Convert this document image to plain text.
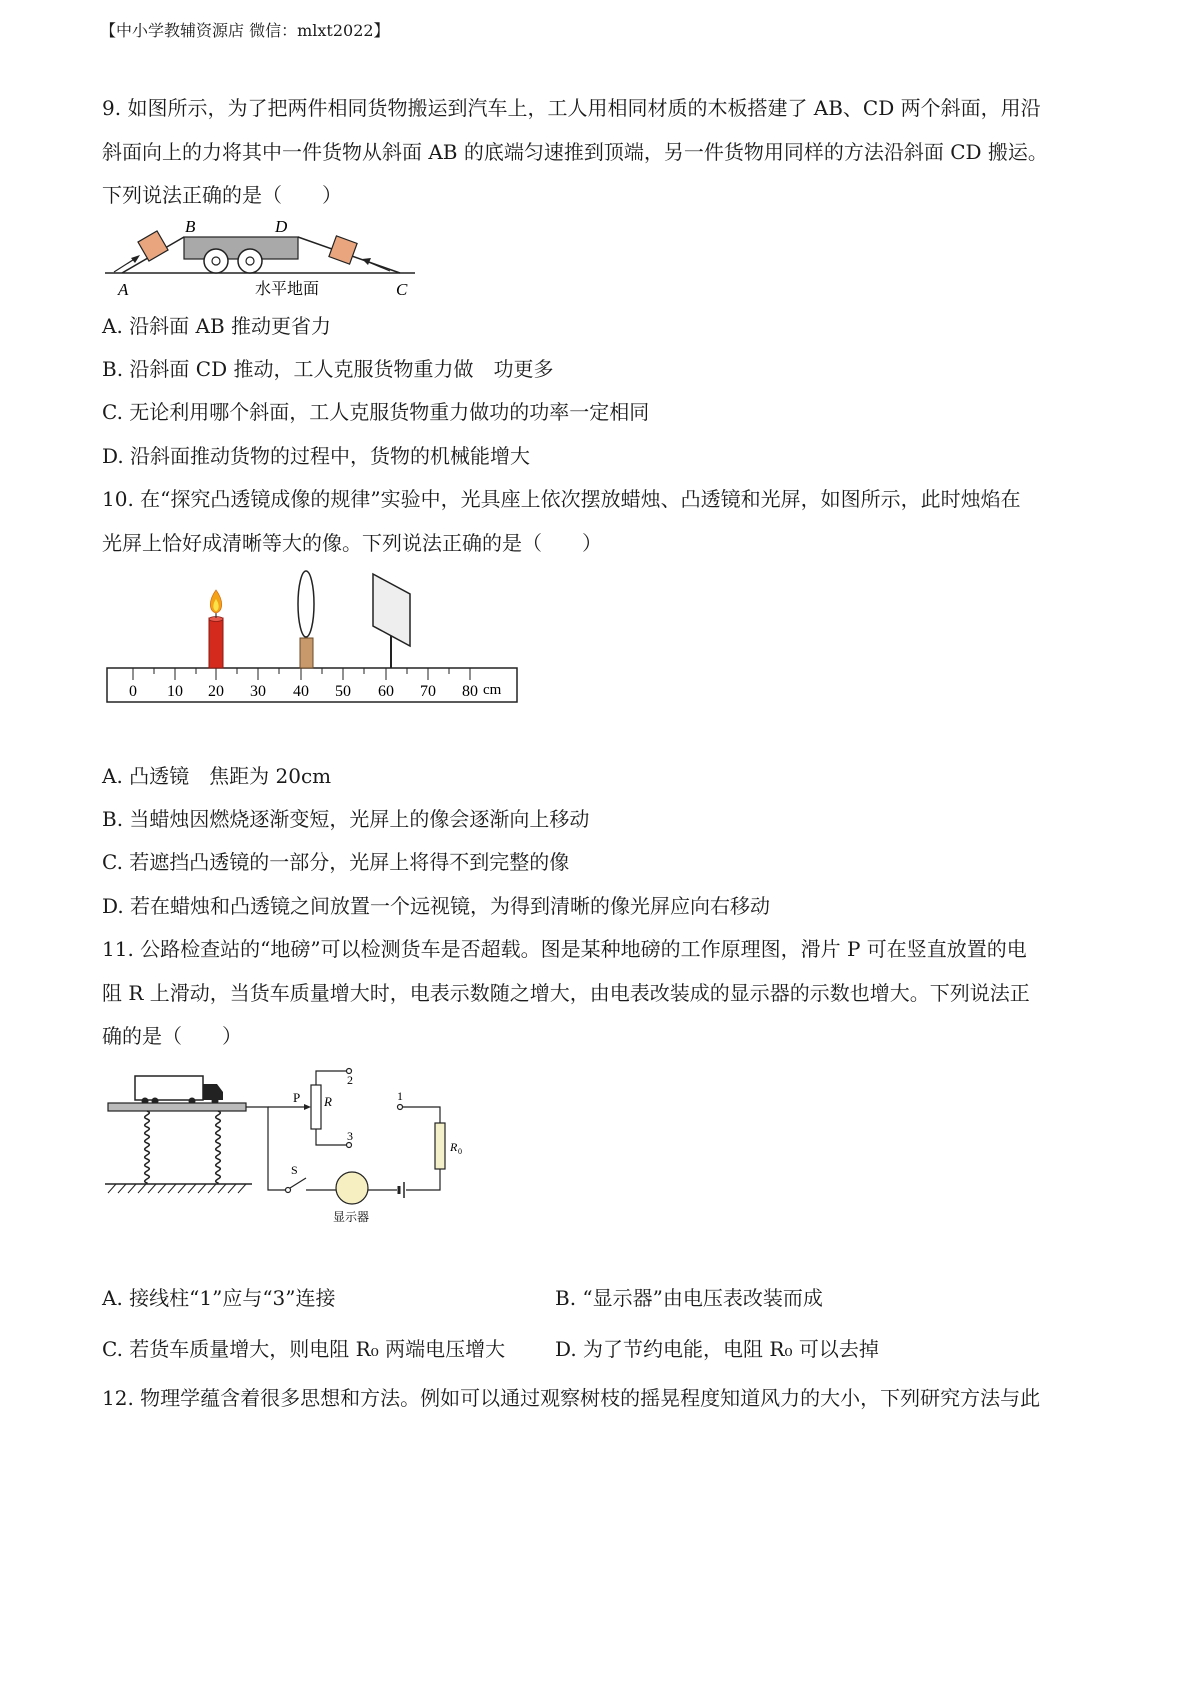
【中小学教辅资源店 微信：mlxt2022】
9. 如图所示，为了把两件相同货物搬运到汽车上，工人用相同材质的木板搭建了 AB、CD 两个斜面，用沿
斜面向上的力将其中一件货物从斜面 AB 的底端匀速推到顶端，另一件货物用同样的方法沿斜面 CD 搬运。
下列说法正确的是（　　）
A
B
C
D
水平地面
A. 沿斜面 AB 推动更省力
B. 沿斜面 CD 推动，工人克服货物重力做　功更多
C. 无论利用哪个斜面，工人克服货物重力做功的功率一定相同
D. 沿斜面推动货物的过程中，货物的机械能增大
10. 在“探究凸透镜成像的规律”实验中，光具座上依次摆放蜡烛、凸透镜和光屏，如图所示，此时烛焰在
光屏上恰好成清晰等大的像。下列说法正确的是（　　）
0 10 20 30 40 50 60 70 80 cm
A. 凸透镜　焦距为 20cm
B. 当蜡烛因燃烧逐渐变短，光屏上的像会逐渐向上移动
C. 若遮挡凸透镜的一部分，光屏上将得不到完整的像
D. 若在蜡烛和凸透镜之间放置一个远视镜，为得到清晰的像光屏应向右移动
11. 公路检查站的“地磅”可以检测货车是否超载。图是某种地磅的工作原理图，滑片 P 可在竖直放置的电
阻 R 上滑动，当货车质量增大时，电表示数随之增大，由电表改装成的显示器的示数也增大。下列说法正
确的是（　　）
P R
2
3
1
R 0
S
显示器
A. 接线柱“1”应与“3”连接	B. “显示器”由电压表改装而成
C. 若货车质量增大，则电阻 R₀ 两端电压增大 D. 为了节约电能，电阻 R₀ 可以去掉
12. 物理学蕴含着很多思想和方法。例如可以通过观察树枝的摇晃程度知道风力的大小，下列研究方法与此
